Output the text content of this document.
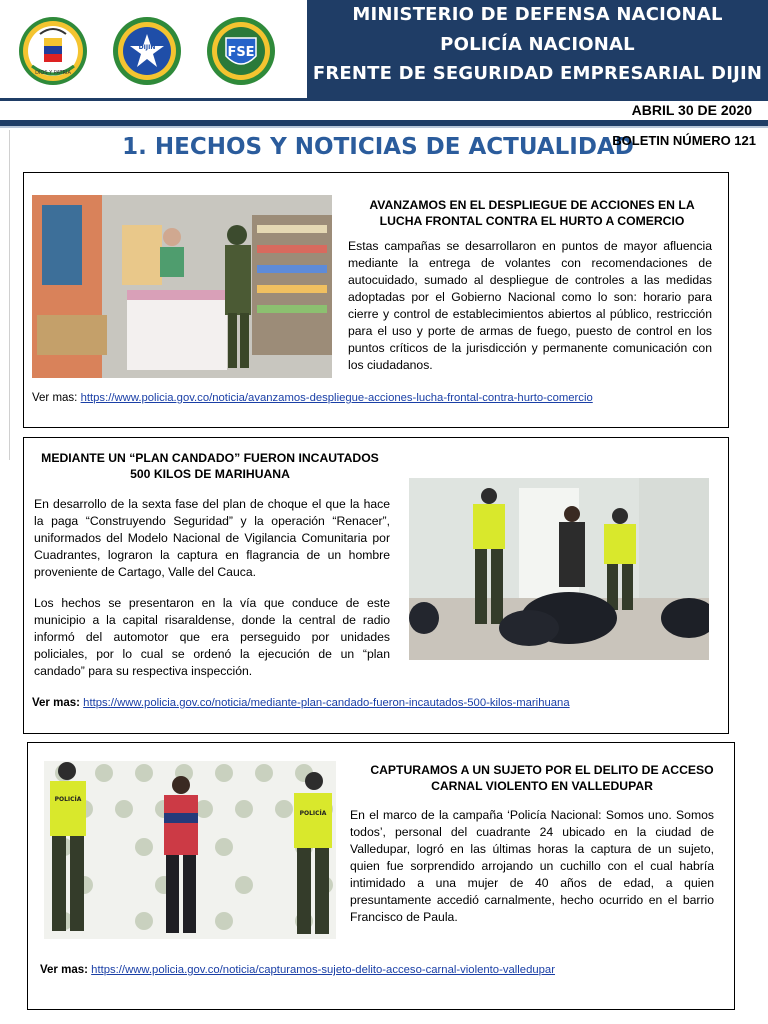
MINISTERIO DE DEFENSA NACIONAL
POLICÍA NACIONAL
FRENTE DE SEGURIDAD EMPRESARIAL DIJIN
DIOS Y PATRIA
DIJIN	FSE
ABRIL 30 DE 2020
1. HECHOS Y NOTICIAS DE ACTUALIDAD
BOLETIN NÚMERO 121
AVANZAMOS EN EL DESPLIEGUE DE ACCIONES EN LA LUCHA FRONTAL CONTRA EL HURTO A COMERCIO

Estas campañas se desarrollaron en puntos de mayor afluencia mediante la entrega de volantes con recomendaciones de autocuidado, sumado al despliegue de controles a las medidas adoptadas por el Gobierno Nacional como lo son: horario para cierre y control de establecimientos abiertos al público, restricción para el uso y porte de armas de fuego, puesto de control en los puntos críticos de la jurisdicción y permanente comunicación con los ciudadanos.

Ver mas: https://www.policia.gov.co/noticia/avanzamos-despliegue-acciones-lucha-frontal-contra-hurto-comercio
MEDIANTE UN “PLAN CANDADO” FUERON INCAUTADOS 500 KILOS DE MARIHUANA

En desarrollo de la sexta fase del plan de choque el que la hace la paga “Construyendo Seguridad” y la operación “Renacer”, uniformados del Modelo Nacional de Vigilancia Comunitaria por Cuadrantes, lograron la captura en flagrancia de un hombre proveniente de Cartago, Valle del Cauca.

Los hechos se presentaron en la vía que conduce de este municipio a la capital risaraldense, donde la central de radio informó del automotor que era perseguido por unidades policiales, por lo cual se ordenó la ejecución de un “plan candado” para su respectiva inspección.

Ver mas: https://www.policia.gov.co/noticia/mediante-plan-candado-fueron-incautados-500-kilos-marihuana
POLICÍA
POLICÍA
CAPTURAMOS A UN SUJETO POR EL DELITO DE ACCESO CARNAL VIOLENTO EN VALLEDUPAR

En el marco de la campaña ‘Policía Nacional: Somos uno. Somos todos’, personal del cuadrante 24 ubicado en la ciudad de Valledupar, logró en las últimas horas la captura de un sujeto, quien fue sorprendido arrojando un cuchillo con el cual habría intimidado a una mujer de 40 años de edad, a quien presuntamente accedió carnalmente, hecho ocurrido en el barrio Francisco de Paula.

Ver mas: https://www.policia.gov.co/noticia/capturamos-sujeto-delito-acceso-carnal-violento-valledupar
